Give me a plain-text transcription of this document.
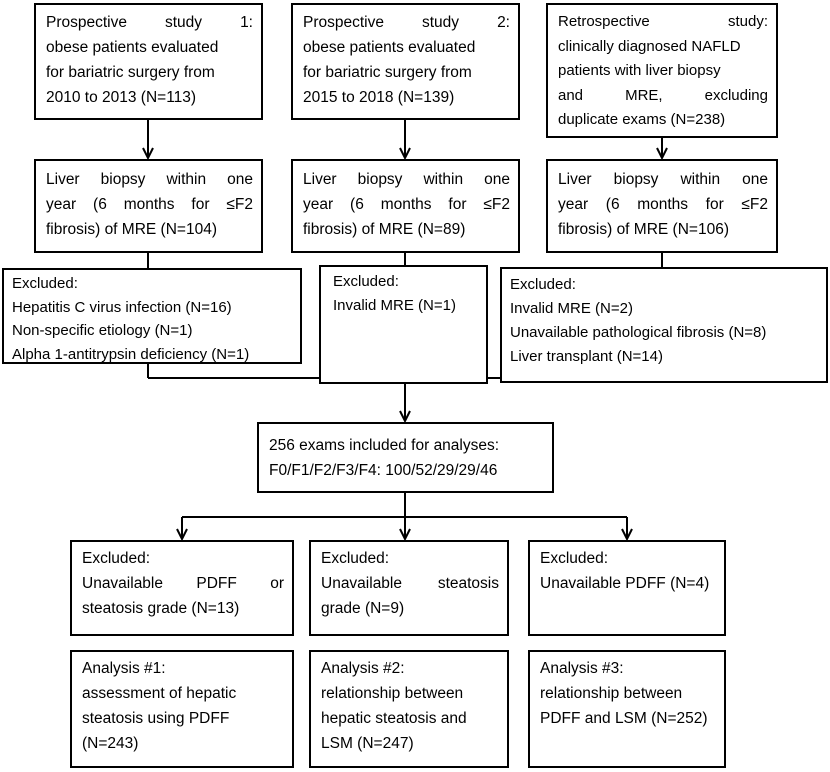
Prospective study 1:
obese patients evaluated
for bariatric surgery from
2010 to 2013 (N=113)
Prospective study 2:
obese patients evaluated
for bariatric surgery from
2015 to 2018 (N=139)
Retrospective study:
clinically diagnosed NAFLD
patients with liver biopsy
and MRE, excluding
duplicate exams (N=238)
Liver biopsy within one
year (6 months for ≤F2
fibrosis) of MRE (N=104)
Liver biopsy within one
year (6 months for ≤F2
fibrosis) of MRE (N=89)
Liver biopsy within one
year (6 months for ≤F2
fibrosis) of MRE (N=106)
Excluded:
Hepatitis C virus infection (N=16)
Non-specific etiology (N=1)
Alpha 1-antitrypsin deficiency (N=1)
Excluded:
Invalid MRE (N=1)
Excluded:
Invalid MRE (N=2)
Unavailable pathological fibrosis (N=8)
Liver transplant (N=14)
256 exams included for analyses:
F0/F1/F2/F3/F4: 100/52/29/29/46
Excluded:
Unavailable PDFF or
steatosis grade (N=13)
Excluded:
Unavailable steatosis
grade (N=9)
Excluded:
Unavailable PDFF (N=4)
Analysis #1:
assessment of hepatic
steatosis using PDFF
(N=243)
Analysis #2:
relationship between
hepatic steatosis and
LSM (N=247)
Analysis #3:
relationship between
PDFF and LSM (N=252)
